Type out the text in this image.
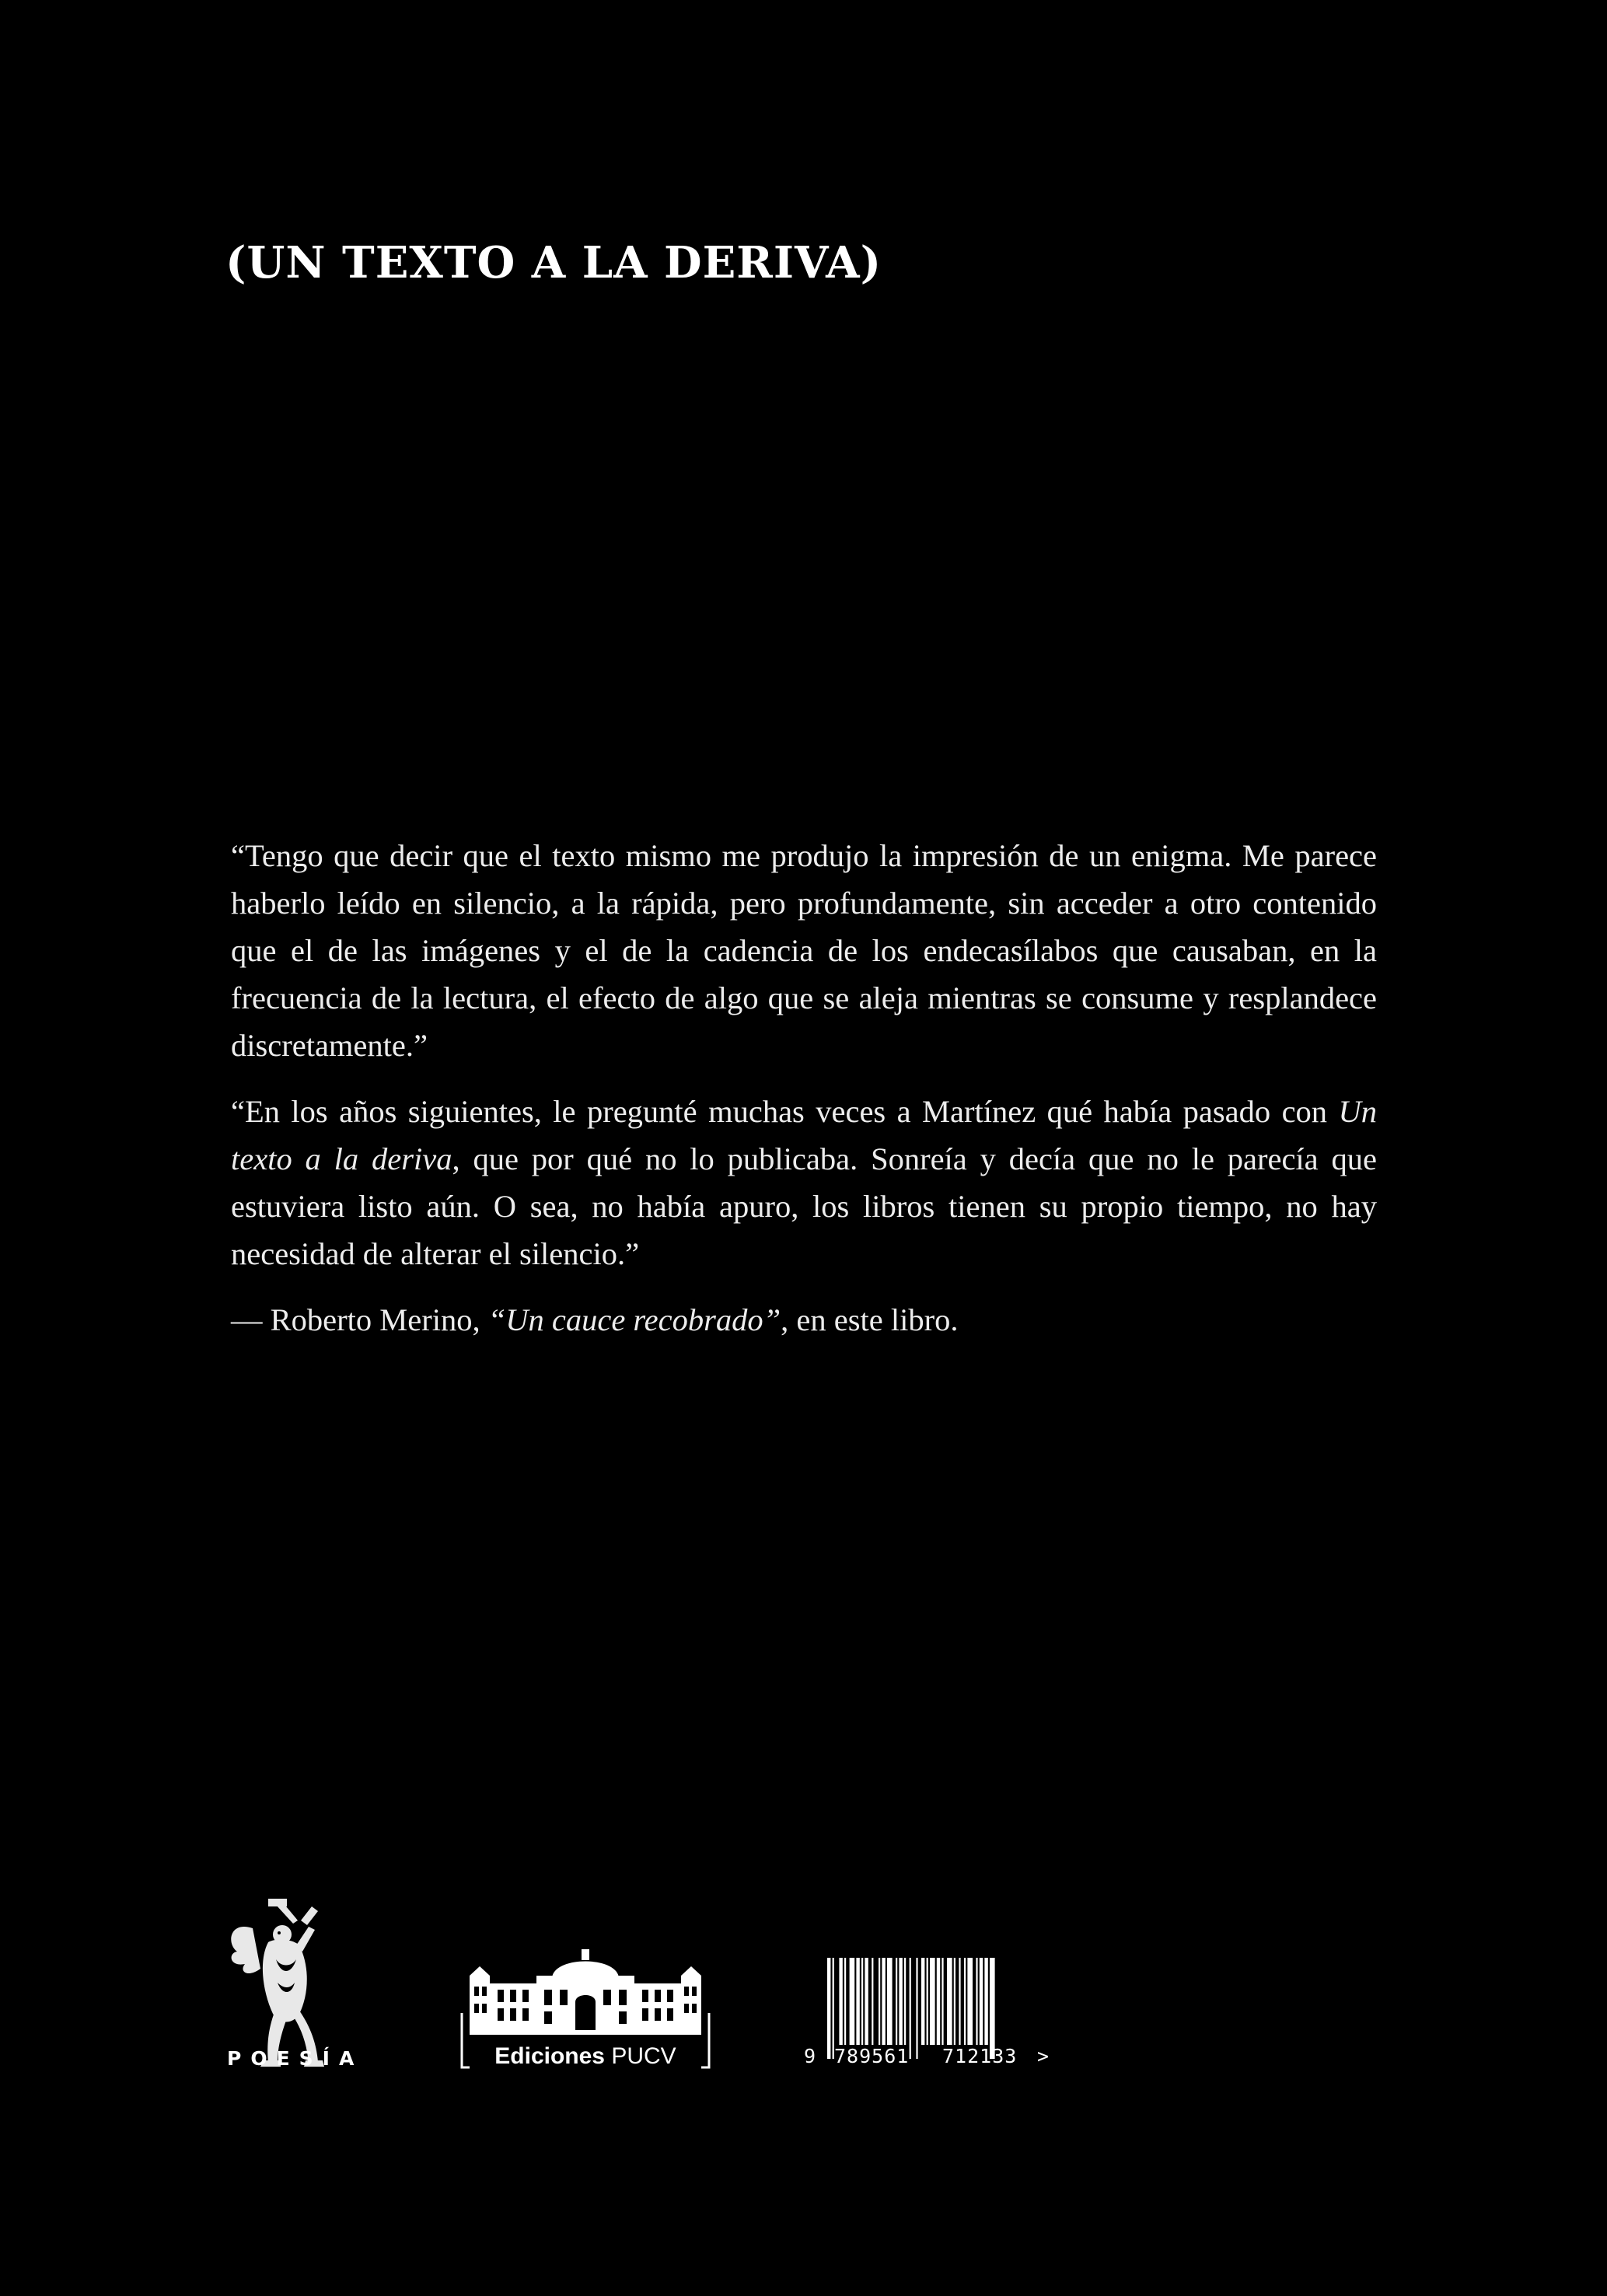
(UN TEXTO A LA DERIVA)

“Tengo que decir que el texto mismo me produjo la impresión de un enigma. Me parece haberlo leído en silencio, a la rápida, pero profundamente, sin acceder a otro contenido que el de las imágenes y el de la cadencia de los endecasílabos que causaban, en la frecuencia de la lectura, el efecto de algo que se aleja mientras se consume y resplandece discretamente.”

“En los años siguientes, le pregunté muchas veces a Martínez qué había pasado con Un texto a la deriva, que por qué no lo publicaba. Sonreía y decía que no le parecía que estuviera listo aún. O sea, no había apuro, los libros tienen su propio tiempo, no hay necesidad de alterar el silencio.”

— Roberto Merino, “Un cauce recobrado”, en este libro.

POESÍA	Ediciones PUCV	9 789561 712133 >
